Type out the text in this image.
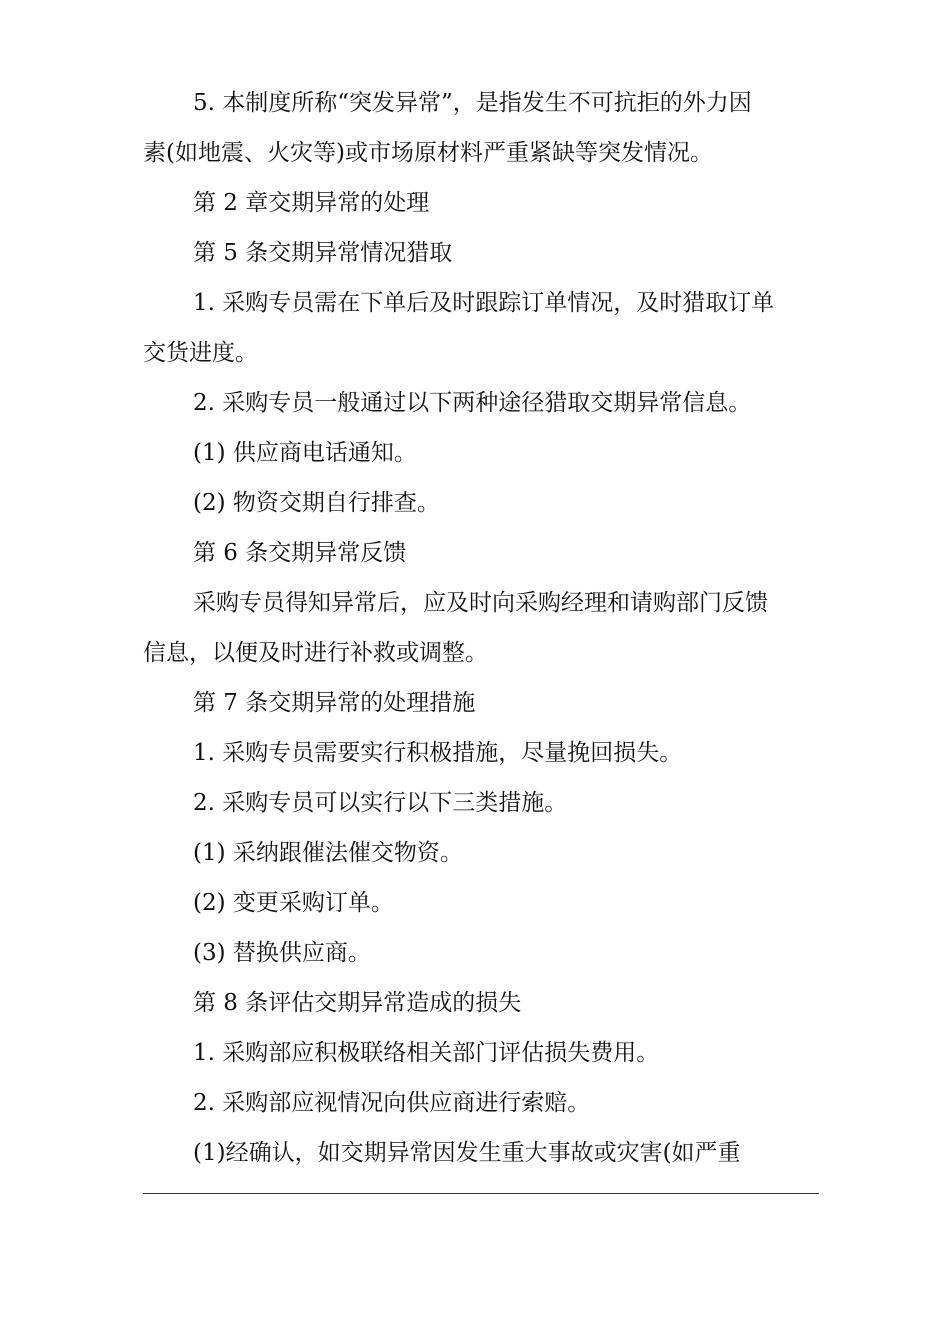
5. 本制度所称“突发异常”，是指发生不可抗拒的外力因
素(如地震、火灾等)或市场原材料严重紧缺等突发情况。
第 2 章交期异常的处理
第 5 条交期异常情况猎取
1. 采购专员需在下单后及时跟踪订单情况，及时猎取订单
交货进度。
2. 采购专员一般通过以下两种途径猎取交期异常信息。
(1) 供应商电话通知。
(2) 物资交期自行排查。
第 6 条交期异常反馈
采购专员得知异常后，应及时向采购经理和请购部门反馈
信息，以便及时进行补救或调整。
第 7 条交期异常的处理措施
1. 采购专员需要实行积极措施，尽量挽回损失。
2. 采购专员可以实行以下三类措施。
(1) 采纳跟催法催交物资。
(2) 变更采购订单。
(3) 替换供应商。
第 8 条评估交期异常造成的损失
1. 采购部应积极联络相关部门评估损失费用。
2. 采购部应视情况向供应商进行索赔。
(1)经确认，如交期异常因发生重大事故或灾害(如严重
